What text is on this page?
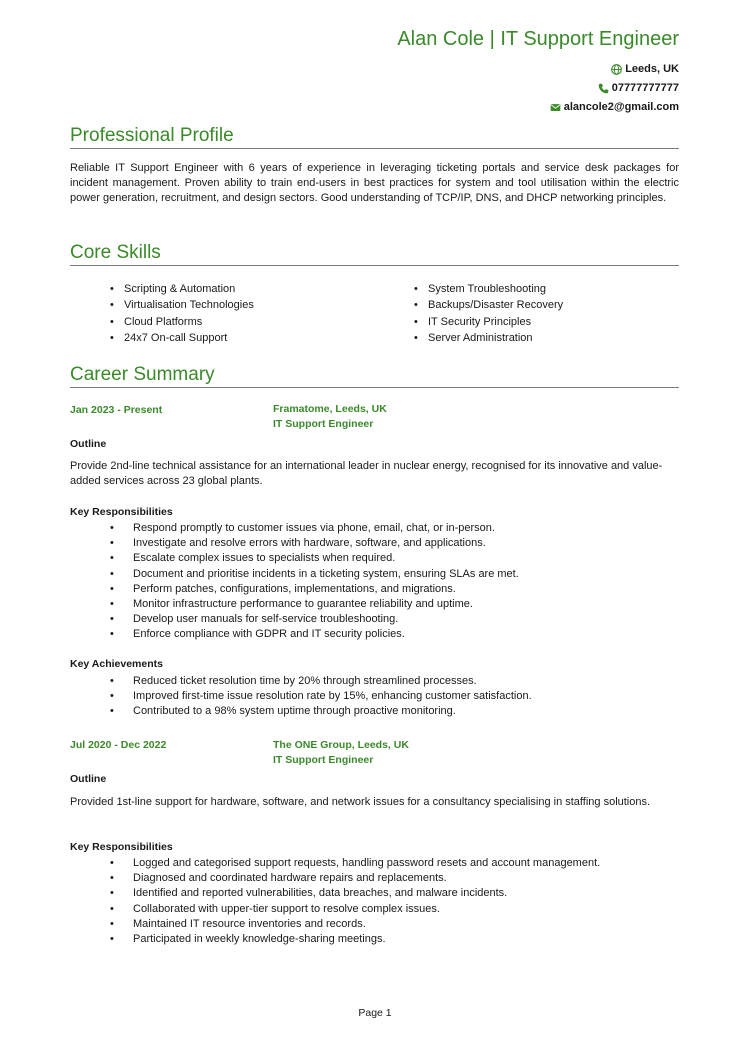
Alan Cole | IT Support Engineer
Leeds, UK
07777777777
alancole2@gmail.com
Professional Profile
Reliable IT Support Engineer with 6 years of experience in leveraging ticketing portals and service desk packages for incident management. Proven ability to train end-users in best practices for system and tool utilisation within the electric power generation, recruitment, and design sectors. Good understanding of TCP/IP, DNS, and DHCP networking principles.
Core Skills
• Scripting & Automation
• Virtualisation Technologies
• Cloud Platforms
• 24x7 On-call Support
• System Troubleshooting
• Backups/Disaster Recovery
• IT Security Principles
• Server Administration
Career Summary
Jan 2023 - Present	Framatome, Leeds, UK
IT Support Engineer
Outline
Provide 2nd-line technical assistance for an international leader in nuclear energy, recognised for its innovative and value-added services across 23 global plants.
Key Responsibilities
• Respond promptly to customer issues via phone, email, chat, or in-person.
• Investigate and resolve errors with hardware, software, and applications.
• Escalate complex issues to specialists when required.
• Document and prioritise incidents in a ticketing system, ensuring SLAs are met.
• Perform patches, configurations, implementations, and migrations.
• Monitor infrastructure performance to guarantee reliability and uptime.
• Develop user manuals for self-service troubleshooting.
• Enforce compliance with GDPR and IT security policies.
Key Achievements
• Reduced ticket resolution time by 20% through streamlined processes.
• Improved first-time issue resolution rate by 15%, enhancing customer satisfaction.
• Contributed to a 98% system uptime through proactive monitoring.
Jul 2020 - Dec 2022	The ONE Group, Leeds, UK
IT Support Engineer
Outline
Provided 1st-line support for hardware, software, and network issues for a consultancy specialising in staffing solutions.
Key Responsibilities
• Logged and categorised support requests, handling password resets and account management.
• Diagnosed and coordinated hardware repairs and replacements.
• Identified and reported vulnerabilities, data breaches, and malware incidents.
• Collaborated with upper-tier support to resolve complex issues.
• Maintained IT resource inventories and records.
• Participated in weekly knowledge-sharing meetings.
Page 1
